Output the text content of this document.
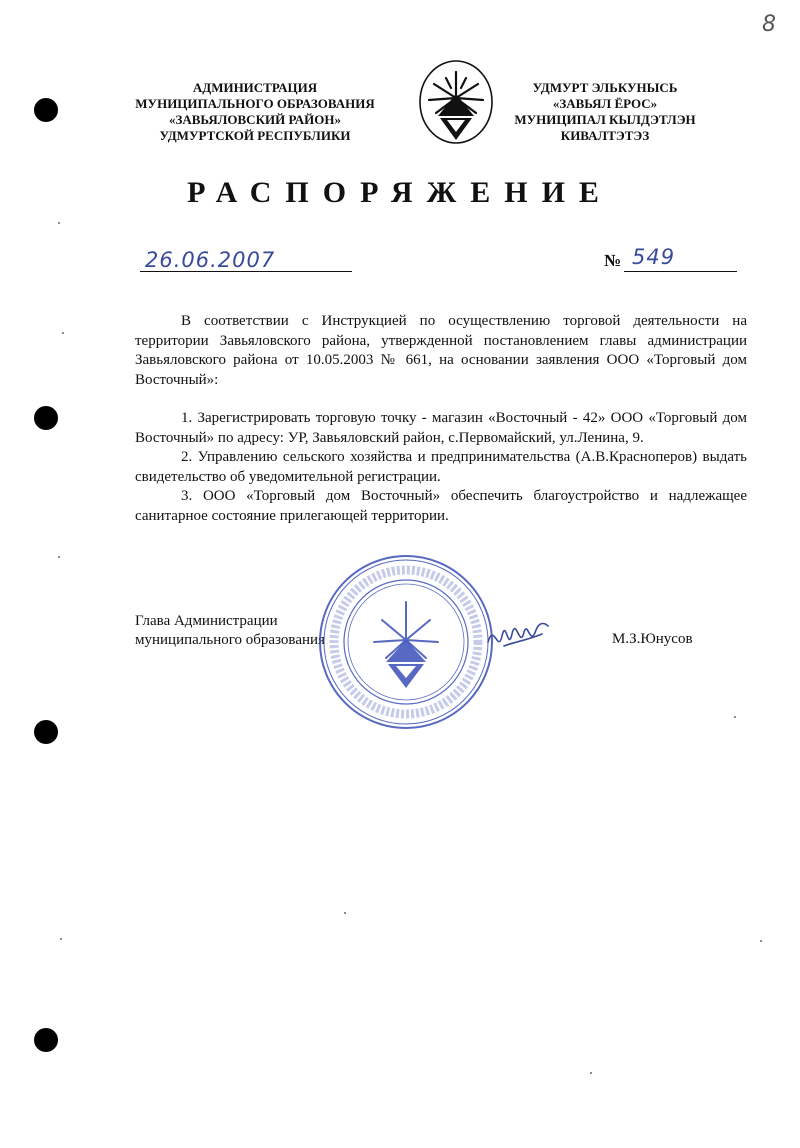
8
АДМИНИСТРАЦИЯ
МУНИЦИПАЛЬНОГО ОБРАЗОВАНИЯ
«ЗАВЬЯЛОВСКИЙ РАЙОН»
УДМУРТСКОЙ РЕСПУБЛИКИ
УДМУРТ ЭЛЬКУНЫСЬ
«ЗАВЬЯЛ ЁРОС»
МУНИЦИПАЛ КЫЛДЭТЛЭН
КИВАЛТЭТЭЗ
РАСПОРЯЖЕНИЕ
26.06.2007	№ 549

В соответствии с Инструкцией по осуществлению торговой деятельности на территории Завьяловского района, утвержденной постановлением главы администрации Завьяловского района от 10.05.2003 № 661, на основании заявления ООО «Торговый дом Восточный»:

1. Зарегистрировать торговую точку - магазин «Восточный - 42» ООО «Торговый дом Восточный» по адресу: УР, Завьяловский район, с.Первомайский, ул.Ленина, 9.

2. Управлению сельского хозяйства и предпринимательства (А.В.Красноперов) выдать свидетельство об уведомительной регистрации.

3. ООО «Торговый дом Восточный» обеспечить благоустройство и надлежащее санитарное состояние прилегающей территории.

Глава Администрации
муниципального образования	М.З.Юнусов
